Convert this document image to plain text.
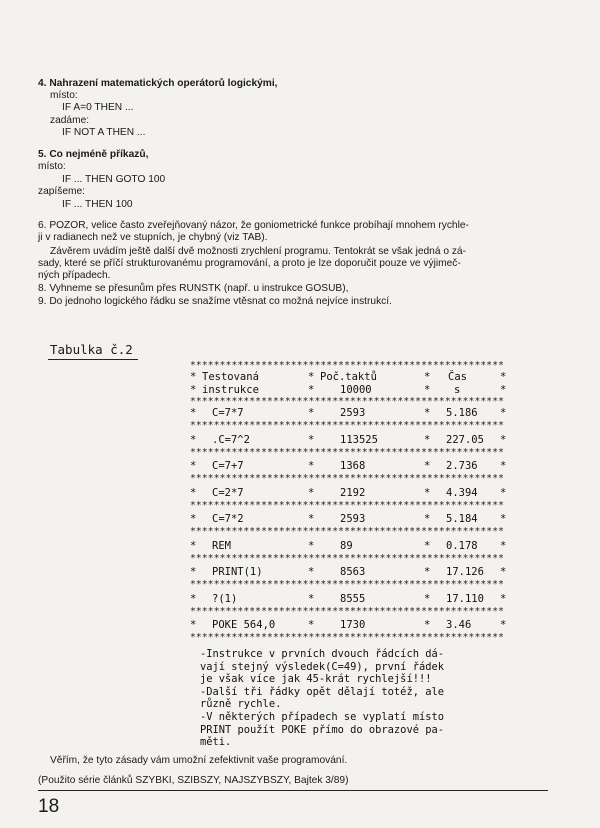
4. Nahrazení matematických operátorů logickými,
místo:
IF A=0 THEN ...
zadáme:
IF NOT A THEN ...
5. Co nejméně příkazů,
místo:
IF ... THEN GOTO 100
zapíšeme:
IF ... THEN 100
6. POZOR, velice často zveřejňovaný názor, že goniometrické funkce probíhají mnohem rychle-
ji v radianech než ve stupních, je chybný (viz TAB).
Závěrem uvádím ještě další dvě možnosti zrychlení programu. Tentokrát se však jedná o zá-
sady, které se příčí strukturovanému programování, a proto je lze doporučit pouze ve výjimeč-
ných případech.
8. Vyhneme se přesunům přes RUNSTK (např. u instrukce GOSUB),
9. Do jednoho logického řádku se snažíme vtěsnat co možná nejvíce instrukcí.
Tabulka č.2
*****************************************************
* Testovaná	* Poč.taktů	* Čas	*
* instrukce	* 10000	* s	*
*****************************************************
* C=7*7	* 2593	* 5.186 *
*****************************************************
* .C=7^2	* 113525	* 227.05 *
*****************************************************
* C=7+7	* 1368	* 2.736 *
*****************************************************
* C=2*7	* 2192	* 4.394 *
*****************************************************
* C=7*2	* 2593	* 5.184 *
*****************************************************
* REM	* 89	* 0.178 *
*****************************************************
* PRINT(1)	* 8563	* 17.126 *
*****************************************************
* ?(1)	* 8555	* 17.110 *
*****************************************************
* POKE 564,0	* 1730	* 3.46	*
*****************************************************
-Instrukce v prvních dvouch řádcích dá-
vají stejný výsledek(C=49), první řádek
je však více jak 45-krát rychlejší!!!
-Další tři řádky opět dělají totéž, ale
různě rychle.
-V některých případech se vyplatí místo
PRINT použít POKE přímo do obrazové pa-
měti.
Věřím, že tyto zásady vám umožní zefektivnit vaše programování.
(Použito série článků SZYBKI, SZIBSZY, NAJSZYBSZY, Bajtek 3/89)
18
